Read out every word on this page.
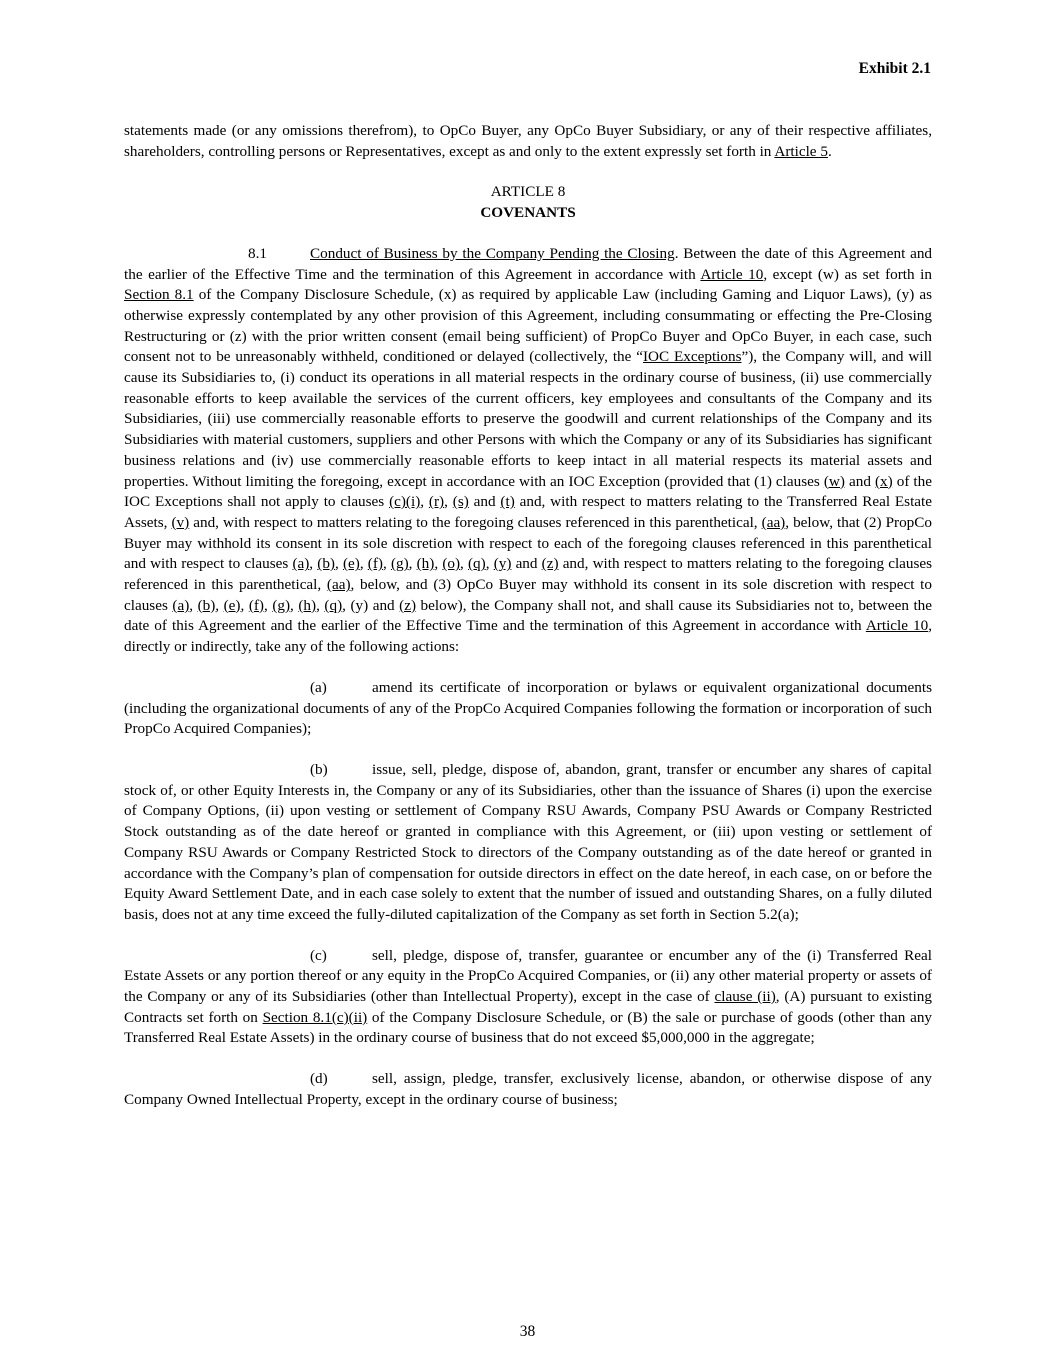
Exhibit 2.1

statements made (or any omissions therefrom), to OpCo Buyer, any OpCo Buyer Subsidiary, or any of their respective affiliates, shareholders, controlling persons or Representatives, except as and only to the extent expressly set forth in Article 5.

ARTICLE 8

COVENANTS

8.1	Conduct of Business by the Company Pending the Closing. Between the date of this Agreement and the earlier of the Effective Time and the termination of this Agreement in accordance with Article 10, except (w) as set forth in Section 8.1 of the Company Disclosure Schedule, (x) as required by applicable Law (including Gaming and Liquor Laws), (y) as otherwise expressly contemplated by any other provision of this Agreement, including consummating or effecting the Pre-Closing Restructuring or (z) with the prior written consent (email being sufficient) of PropCo Buyer and OpCo Buyer, in each case, such consent not to be unreasonably withheld, conditioned or delayed (collectively, the “IOC Exceptions”), the Company will, and will cause its Subsidiaries to, (i) conduct its operations in all material respects in the ordinary course of business, (ii) use commercially reasonable efforts to keep available the services of the current officers, key employees and consultants of the Company and its Subsidiaries, (iii) use commercially reasonable efforts to preserve the goodwill and current relationships of the Company and its Subsidiaries with material customers, suppliers and other Persons with which the Company or any of its Subsidiaries has significant business relations and (iv) use commercially reasonable efforts to keep intact in all material respects its material assets and properties. Without limiting the foregoing, except in accordance with an IOC Exception (provided that (1) clauses (w) and (x) of the IOC Exceptions shall not apply to clauses (c)(i), (r), (s) and (t) and, with respect to matters relating to the Transferred Real Estate Assets, (v) and, with respect to matters relating to the foregoing clauses referenced in this parenthetical, (aa), below, that (2) PropCo Buyer may withhold its consent in its sole discretion with respect to each of the foregoing clauses referenced in this parenthetical and with respect to clauses (a), (b), (e), (f), (g), (h), (o), (q), (y) and (z) and, with respect to matters relating to the foregoing clauses referenced in this parenthetical, (aa), below, and (3) OpCo Buyer may withhold its consent in its sole discretion with respect to clauses (a), (b), (e), (f), (g), (h), (q), (y) and (z) below), the Company shall not, and shall cause its Subsidiaries not to, between the date of this Agreement and the earlier of the Effective Time and the termination of this Agreement in accordance with Article 10, directly or indirectly, take any of the following actions:

(a)	amend its certificate of incorporation or bylaws or equivalent organizational documents (including the organizational documents of any of the PropCo Acquired Companies following the formation or incorporation of such PropCo Acquired Companies);

(b)	issue, sell, pledge, dispose of, abandon, grant, transfer or encumber any shares of capital stock of, or other Equity Interests in, the Company or any of its Subsidiaries, other than the issuance of Shares (i) upon the exercise of Company Options, (ii) upon vesting or settlement of Company RSU Awards, Company PSU Awards or Company Restricted Stock outstanding as of the date hereof or granted in compliance with this Agreement, or (iii) upon vesting or settlement of Company RSU Awards or Company Restricted Stock to directors of the Company outstanding as of the date hereof or granted in accordance with the Company’s plan of compensation for outside directors in effect on the date hereof, in each case, on or before the Equity Award Settlement Date, and in each case solely to extent that the number of issued and outstanding Shares, on a fully diluted basis, does not at any time exceed the fully-diluted capitalization of the Company as set forth in Section 5.2(a);

(c)	sell, pledge, dispose of, transfer, guarantee or encumber any of the (i) Transferred Real Estate Assets or any portion thereof or any equity in the PropCo Acquired Companies, or (ii) any other material property or assets of the Company or any of its Subsidiaries (other than Intellectual Property), except in the case of clause (ii), (A) pursuant to existing Contracts set forth on Section 8.1(c)(ii) of the Company Disclosure Schedule, or (B) the sale or purchase of goods (other than any Transferred Real Estate Assets) in the ordinary course of business that do not exceed $5,000,000 in the aggregate;

(d)	sell, assign, pledge, transfer, exclusively license, abandon, or otherwise dispose of any Company Owned Intellectual Property, except in the ordinary course of business;

38
